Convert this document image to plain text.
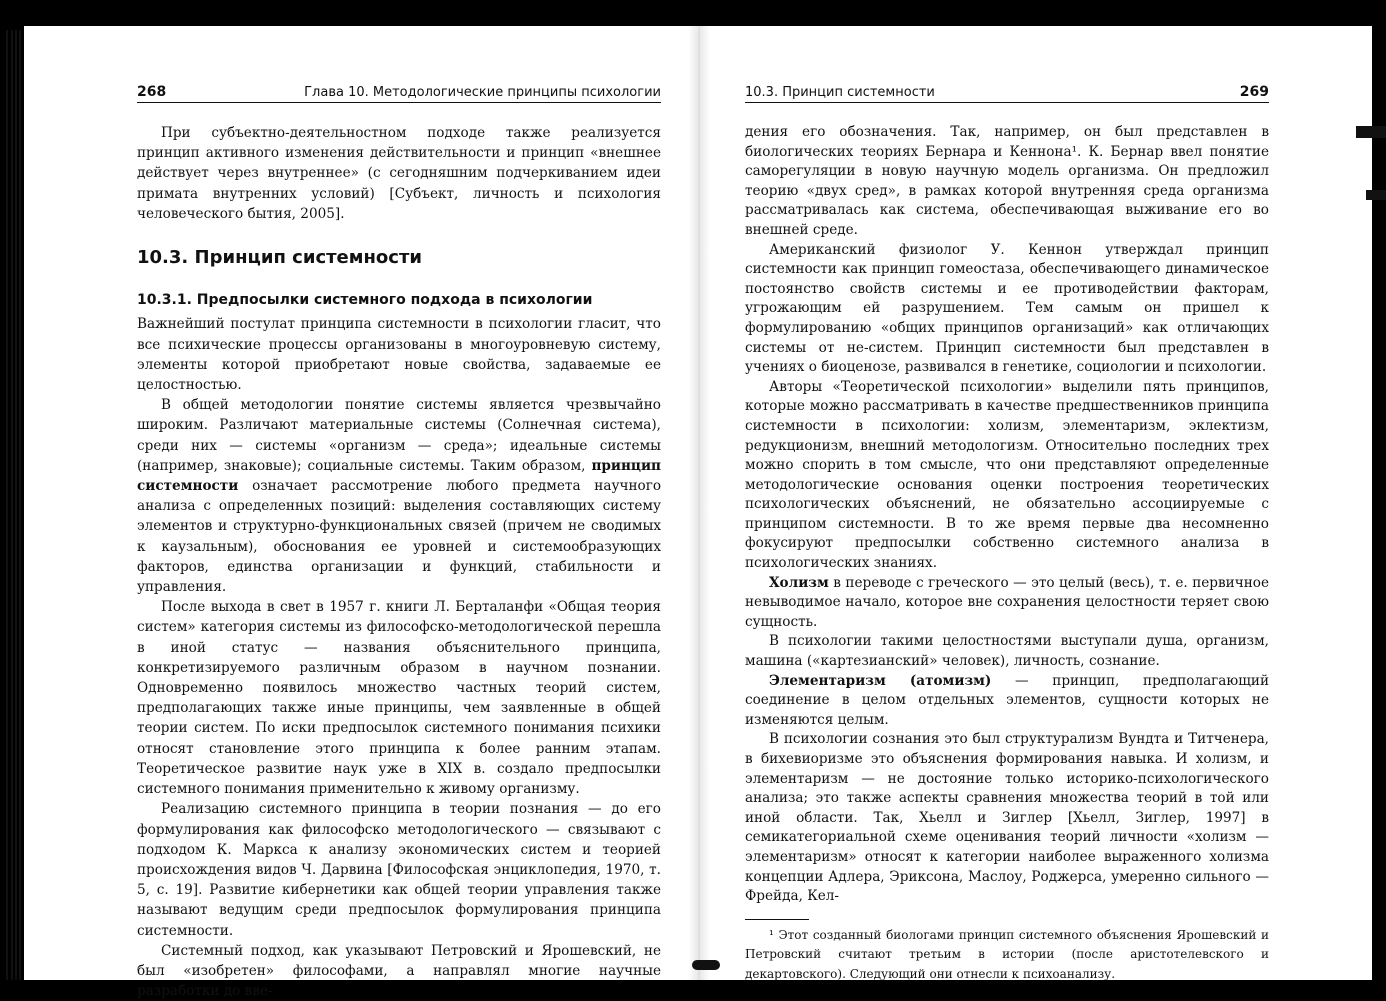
268	Глава 10. Методологические принципы психологии

При субъектно-деятельностном подходе также реализуется принцип активного изменения действительности и принцип «внешнее действует через внутреннее» (с сегодняшним подчеркиванием идеи примата внутренних условий) [Субъект, личность и психология человеческого бытия, 2005].

10.3. Принцип системности
10.3.1. Предпосылки системного подхода в психологии

Важнейший постулат принципа системности в психологии гласит, что все психические процессы организованы в многоуровневую систему, элементы которой приобретают новые свойства, задаваемые ее целостностью.

В общей методологии понятие системы является чрезвычайно широким. Различают материальные системы (Солнечная система), среди них — системы «организм — среда»; идеальные системы (например, знаковые); социальные системы. Таким образом, принцип системности означает рассмотрение любого предмета научного анализа с определенных позиций: выделения составляющих систему элементов и структурно-функциональных связей (причем не сводимых к каузальным), обоснования ее уровней и системообразующих факторов, единства организации и функций, стабильности и управления.

После выхода в свет в 1957 г. книги Л. Берталанфи «Общая теория систем» категория системы из философско-методологической перешла в иной статус — названия объяснительного принципа, конкретизируемого различным образом в научном познании. Одновременно появилось множество частных теорий систем, предполагающих также иные принципы, чем заявленные в общей теории систем. По иски предпосылок системного понимания психики относят становление этого принципа к более ранним этапам. Теоретическое развитие наук уже в XIX в. создало предпосылки системного понимания применительно к живому организму.

Реализацию системного принципа в теории познания — до его формулирования как философско методологического — связывают с подходом К. Маркса к анализу экономических систем и теорией происхождения видов Ч. Дарвина [Философская энциклопедия, 1970, т. 5, с. 19]. Развитие кибернетики как общей теории управления также называют ведущим среди предпосылок формулирования принципа системности.

Системный подход, как указывают Петровский и Ярошевский, не был «изобретен» философами, а направлял многие научные разработки до вве-

10.3. Принцип системности	269

дения его обозначения. Так, например, он был представлен в биологических теориях Бернара и Кеннона¹. К. Бернар ввел понятие саморегуляции в новую научную модель организма. Он предложил теорию «двух сред», в рамках которой внутренняя среда организма рассматривалась как система, обеспечивающая выживание его во внешней среде.

Американский физиолог У. Кеннон утверждал принцип системности как принцип гомеостаза, обеспечивающего динамическое постоянство свойств системы и ее противодействии факторам, угрожающим ей разрушением. Тем самым он пришел к формулированию «общих принципов организаций» как отличающих системы от не-систем. Принцип системности был представлен в учениях о биоценозе, развивался в генетике, социологии и психологии.

Авторы «Теоретической психологии» выделили пять принципов, которые можно рассматривать в качестве предшественников принципа системности в психологии: холизм, элементаризм, эклектизм, редукционизм, внешний методологизм. Относительно последних трех можно спорить в том смысле, что они представляют определенные методологические основания оценки построения теоретических психологических объяснений, не обязательно ассоциируемые с принципом системности. В то же время первые два несомненно фокусируют предпосылки собственно системного анализа в психологических знаниях.

Холизм в переводе с греческого — это целый (весь), т. е. первичное невыводимое начало, которое вне сохранения целостности теряет свою сущность.

В психологии такими целостностями выступали душа, организм, машина («картезианский» человек), личность, сознание.

Элементаризм (атомизм) — принцип, предполагающий соединение в целом отдельных элементов, сущности которых не изменяются целым.

В психологии сознания это был структурализм Вундта и Титченера, в бихевиоризме это объяснения формирования навыка. И холизм, и элементаризм — не достояние только историко-психологического анализа; это также аспекты сравнения множества теорий в той или иной области. Так, Хьелл и Зиглер [Хьелл, Зиглер, 1997] в семикатегориальной схеме оценивания теорий личности «холизм — элементаризм» относят к категории наиболее выраженного холизма концепции Адлера, Эриксона, Маслоу, Роджерса, умеренно сильного — Фрейда, Кел-

¹ Этот созданный биологами принцип системного объяснения Ярошевский и Петровский считают третьим в истории (после аристотелевского и декартовского). Следующий они отнесли к психоанализу.
